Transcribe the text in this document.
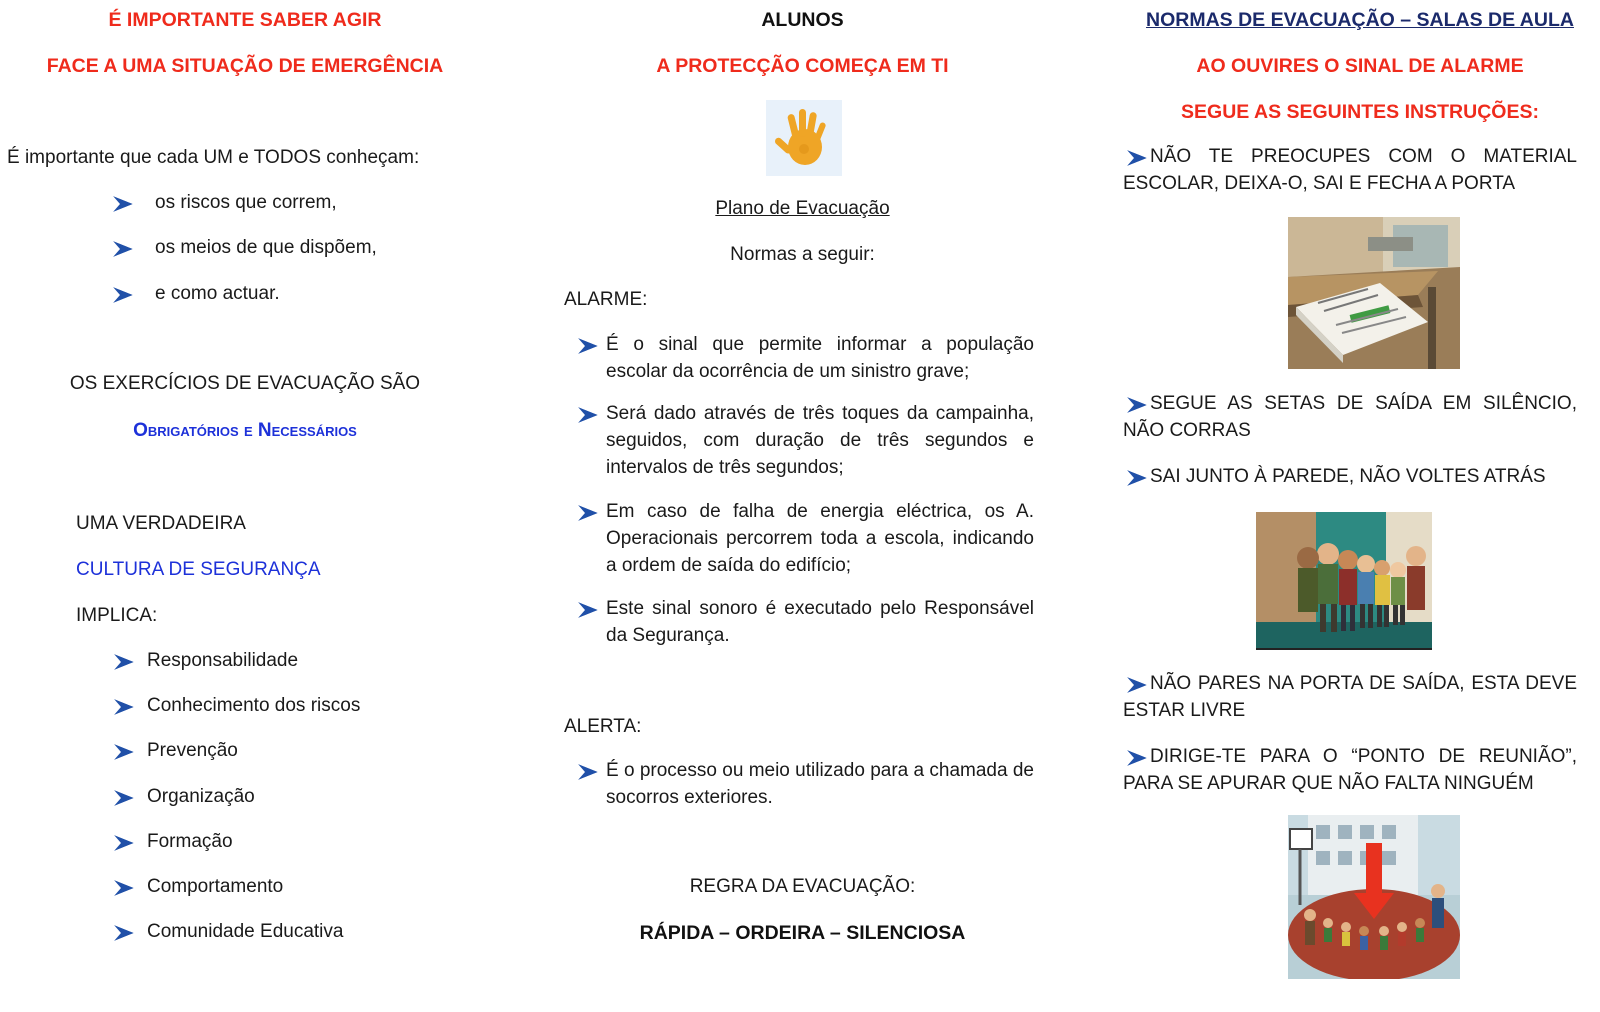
É IMPORTANTE SABER AGIR
FACE A UMA SITUAÇÃO DE EMERGÊNCIA
É importante que cada UM e TODOS conheçam:
os riscos que correm,
os meios de que dispõem,
e como actuar.
OS EXERCÍCIOS DE EVACUAÇÃO SÃO
Obrigatórios e Necessários
UMA VERDADEIRA
CULTURA DE SEGURANÇA
IMPLICA:
Responsabilidade
Conhecimento dos riscos
Prevenção
Organização
Formação
Comportamento
Comunidade Educativa
ALUNOS
A PROTECÇÃO COMEÇA EM TI
Plano de Evacuação
Normas a seguir:
ALARME:
É o sinal que permite informar a população escolar da ocorrência de um sinistro grave;
Será dado através de três toques da campainha, seguidos, com duração de três segundos e intervalos de três segundos;
Em caso de falha de energia eléctrica, os A. Operacionais percorrem toda a escola, indicando a ordem de saída do edifício;
Este sinal sonoro é executado pelo Responsável da Segurança.
ALERTA:
É o processo ou meio utilizado para a chamada de socorros exteriores.
REGRA DA EVACUAÇÃO:
RÁPIDA – ORDEIRA – SILENCIOSA
NORMAS DE EVACUAÇÃO – SALAS DE AULA
AO OUVIRES O SINAL DE ALARME
SEGUE AS SEGUINTES INSTRUÇÕES:
NÃO TE PREOCUPES COM O MATERIAL ESCOLAR, DEIXA-O, SAI E FECHA A PORTA
SEGUE AS SETAS DE SAÍDA EM SILÊNCIO, NÃO CORRAS
SAI JUNTO À PAREDE, NÃO VOLTES ATRÁS
NÃO PARES NA PORTA DE SAÍDA, ESTA DEVE ESTAR LIVRE
DIRIGE-TE PARA O “PONTO DE REUNIÃO”, PARA SE APURAR QUE NÃO FALTA NINGUÉM
